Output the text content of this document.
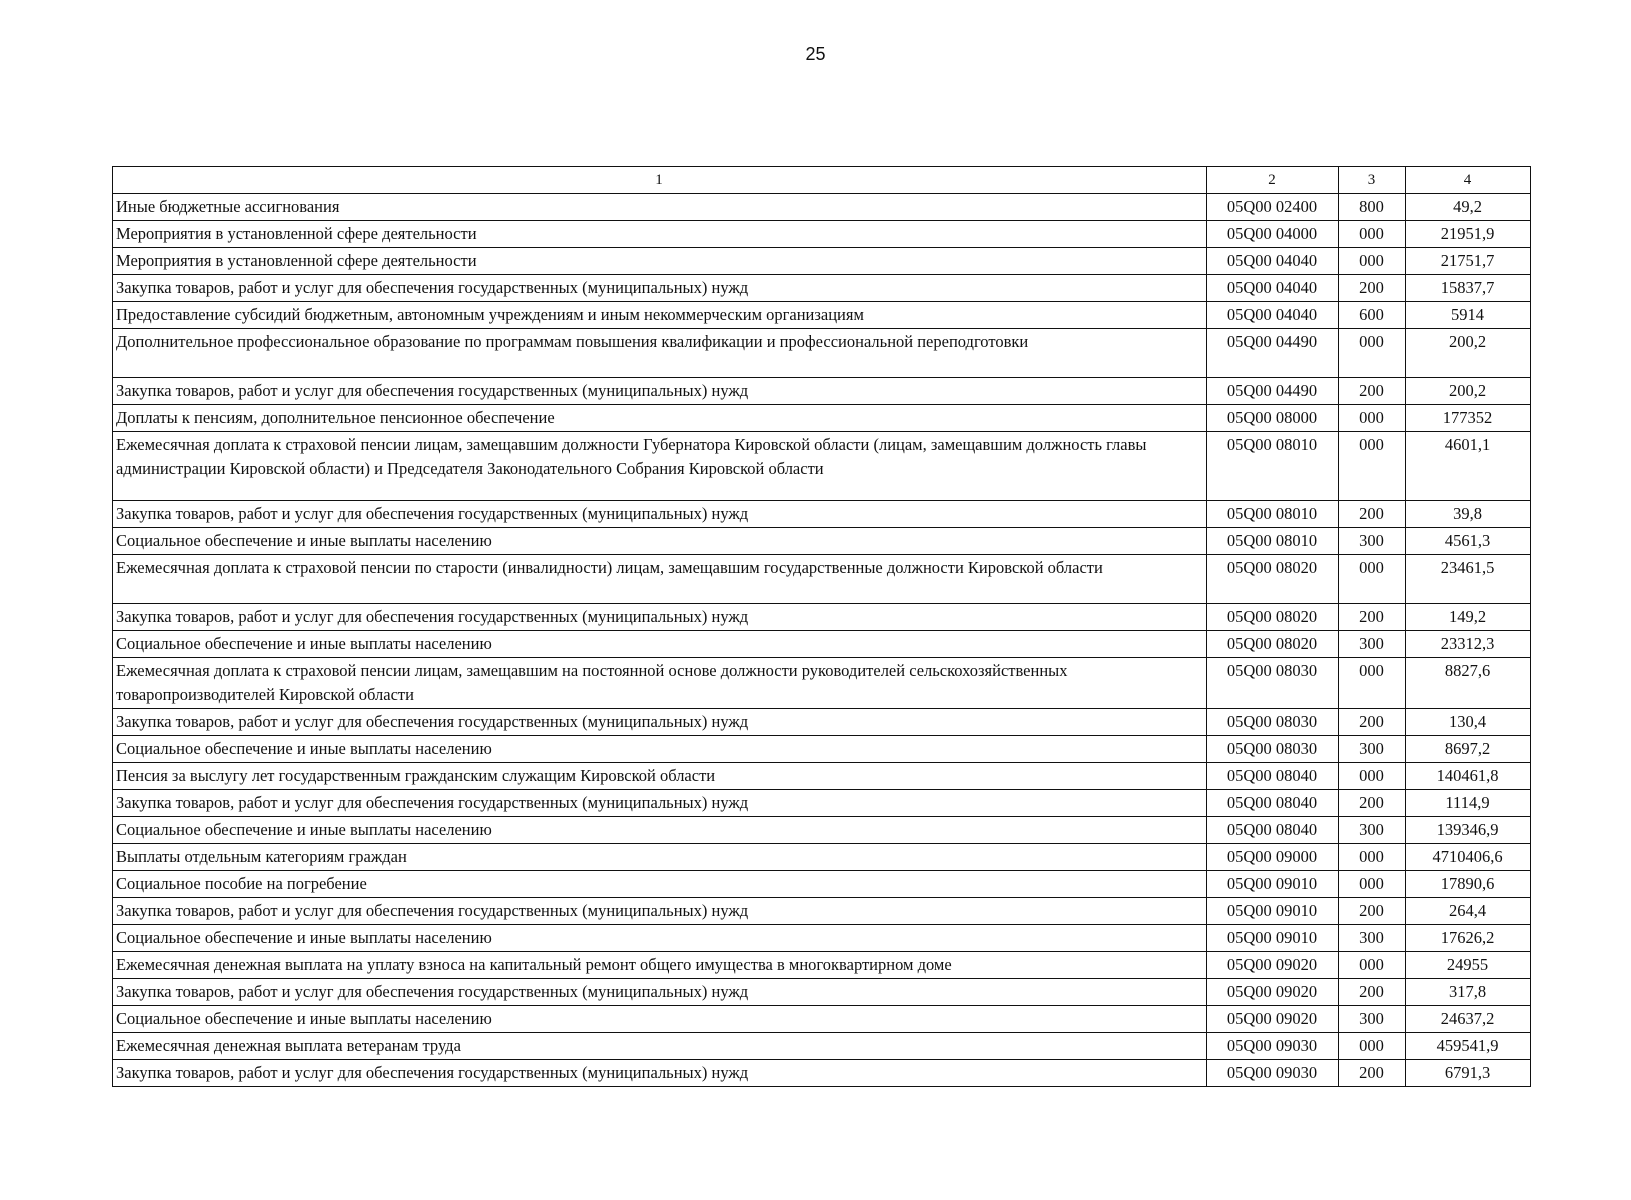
25
1	2	3	4
Иные бюджетные ассигнования	05Q00 02400	800	49,2
Мероприятия в установленной сфере деятельности	05Q00 04000	000	21951,9
Мероприятия в установленной сфере деятельности	05Q00 04040	000	21751,7
Закупка товаров, работ и услуг для обеспечения государственных (муниципальных) нужд	05Q00 04040	200	15837,7
Предоставление субсидий бюджетным, автономным учреждениям и иным некоммерческим организациям	05Q00 04040	600	5914
Дополнительное профессиональное образование по программам повышения квалификации и профессиональной переподготовки	05Q00 04490	000	200,2
Закупка товаров, работ и услуг для обеспечения государственных (муниципальных) нужд	05Q00 04490	200	200,2
Доплаты к пенсиям, дополнительное пенсионное обеспечение	05Q00 08000	000	177352
Ежемесячная доплата к страховой пенсии лицам, замещавшим должности Губернатора Кировской области (лицам, замещавшим должность главы администрации Кировской области) и Председателя Законодательного Собрания Кировской области	05Q00 08010	000	4601,1
Закупка товаров, работ и услуг для обеспечения государственных (муниципальных) нужд	05Q00 08010	200	39,8
Социальное обеспечение и иные выплаты населению	05Q00 08010	300	4561,3
Ежемесячная доплата к страховой пенсии по старости (инвалидности) лицам, замещавшим государственные должности Кировской области	05Q00 08020	000	23461,5
Закупка товаров, работ и услуг для обеспечения государственных (муниципальных) нужд	05Q00 08020	200	149,2
Социальное обеспечение и иные выплаты населению	05Q00 08020	300	23312,3
Ежемесячная доплата к страховой пенсии лицам, замещавшим на постоянной основе должности руководителей сельскохозяйственных товаропроизводителей Кировской области	05Q00 08030	000	8827,6
Закупка товаров, работ и услуг для обеспечения государственных (муниципальных) нужд	05Q00 08030	200	130,4
Социальное обеспечение и иные выплаты населению	05Q00 08030	300	8697,2
Пенсия за выслугу лет государственным гражданским служащим Кировской области	05Q00 08040	000	140461,8
Закупка товаров, работ и услуг для обеспечения государственных (муниципальных) нужд	05Q00 08040	200	1114,9
Социальное обеспечение и иные выплаты населению	05Q00 08040	300	139346,9
Выплаты отдельным категориям граждан	05Q00 09000	000	4710406,6
Социальное пособие на погребение	05Q00 09010	000	17890,6
Закупка товаров, работ и услуг для обеспечения государственных (муниципальных) нужд	05Q00 09010	200	264,4
Социальное обеспечение и иные выплаты населению	05Q00 09010	300	17626,2
Ежемесячная денежная выплата на уплату взноса на капитальный ремонт общего имущества в многоквартирном доме	05Q00 09020	000	24955
Закупка товаров, работ и услуг для обеспечения государственных (муниципальных) нужд	05Q00 09020	200	317,8
Социальное обеспечение и иные выплаты населению	05Q00 09020	300	24637,2
Ежемесячная денежная выплата ветеранам труда	05Q00 09030	000	459541,9
Закупка товаров, работ и услуг для обеспечения государственных (муниципальных) нужд	05Q00 09030	200	6791,3
